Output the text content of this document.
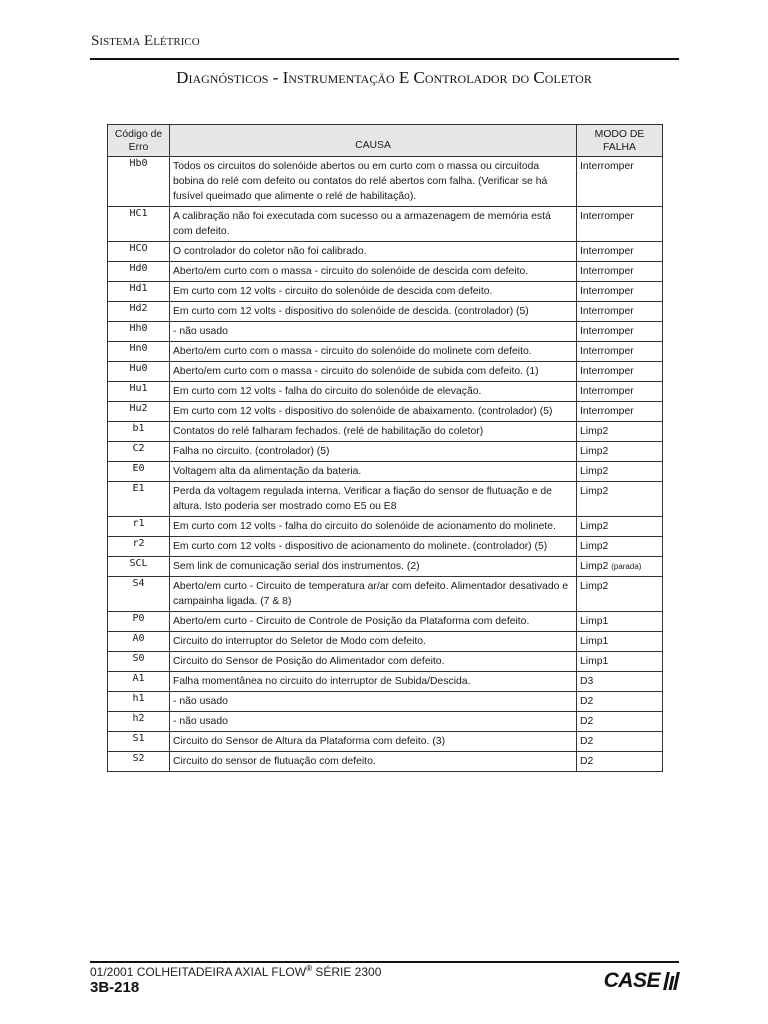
Sistema Elétrico
Diagnósticos - Instrumentação E Controlador do Coletor
Código de Erro	CAUSA	MODO DE FALHA
Hb0	Todos os circuitos do solenóide abertos ou em curto com o massa ou circuitoda bobina do relé com defeito ou contatos do relé abertos com falha. (Verificar se há fusível queimado que alimente o relé de habilitação).	Interromper
HC1	A calibração não foi executada com sucesso ou a armazenagem de memória está com defeito.	Interromper
HCO	O controlador do coletor não foi calibrado.	Interromper
Hd0	Aberto/em curto com o massa - circuito do solenóide de descida com defeito.	Interromper
Hd1	Em curto com 12 volts - circuito do solenóide de descida com defeito.	Interromper
Hd2	Em curto com 12 volts - dispositivo do solenóide de descida. (controlador) (5)	Interromper
Hh0	- não usado	Interromper
Hn0	Aberto/em curto com o massa - circuito do solenóide do molinete com defeito.	Interromper
Hu0	Aberto/em curto com o massa - circuito do solenóide de subida com defeito. (1)	Interromper
Hu1	Em curto com 12 volts - falha do circuito do solenóide de elevação.	Interromper
Hu2	Em curto com 12 volts - dispositivo do solenóide de abaixamento. (controlador) (5)	Interromper
b1	Contatos do relé falharam fechados. (relé de habilitação do coletor)	Limp2
C2	Falha no circuito. (controlador) (5)	Limp2
E0	Voltagem alta da alimentação da bateria.	Limp2
E1	Perda da voltagem regulada interna. Verificar a fiação do sensor de flutuação e de altura. Isto poderia ser mostrado como E5 ou E8	Limp2
r1	Em curto com 12 volts - falha do circuito do solenóide de acionamento do molinete.	Limp2
r2	Em curto com 12 volts - dispositivo de acionamento do molinete. (controlador) (5)	Limp2
SCL	Sem link de comunicação serial dos instrumentos. (2)	Limp2 (parada)
S4	Aberto/em curto - Circuito de temperatura ar/ar com defeito. Alimentador desativado e campainha ligada. (7 & 8)	Limp2
P0	Aberto/em curto - Circuito de Controle de Posição da Plataforma com defeito.	Limp1
A0	Circuito do interruptor do Seletor de Modo com defeito.	Limp1
S0	Circuito do Sensor de Posição do Alimentador com defeito.	Limp1
A1	Falha momentânea no circuito do interruptor de Subida/Descida.	D3
h1	- não usado	D2
h2	- não usado	D2
S1	Circuito do Sensor de Altura da Plataforma com defeito. (3)	D2
S2	Circuito do sensor de flutuação com defeito.	D2
01/2001 COLHEITADEIRA AXIAL FLOW® SÉRIE 2300
3B-218	CASE
